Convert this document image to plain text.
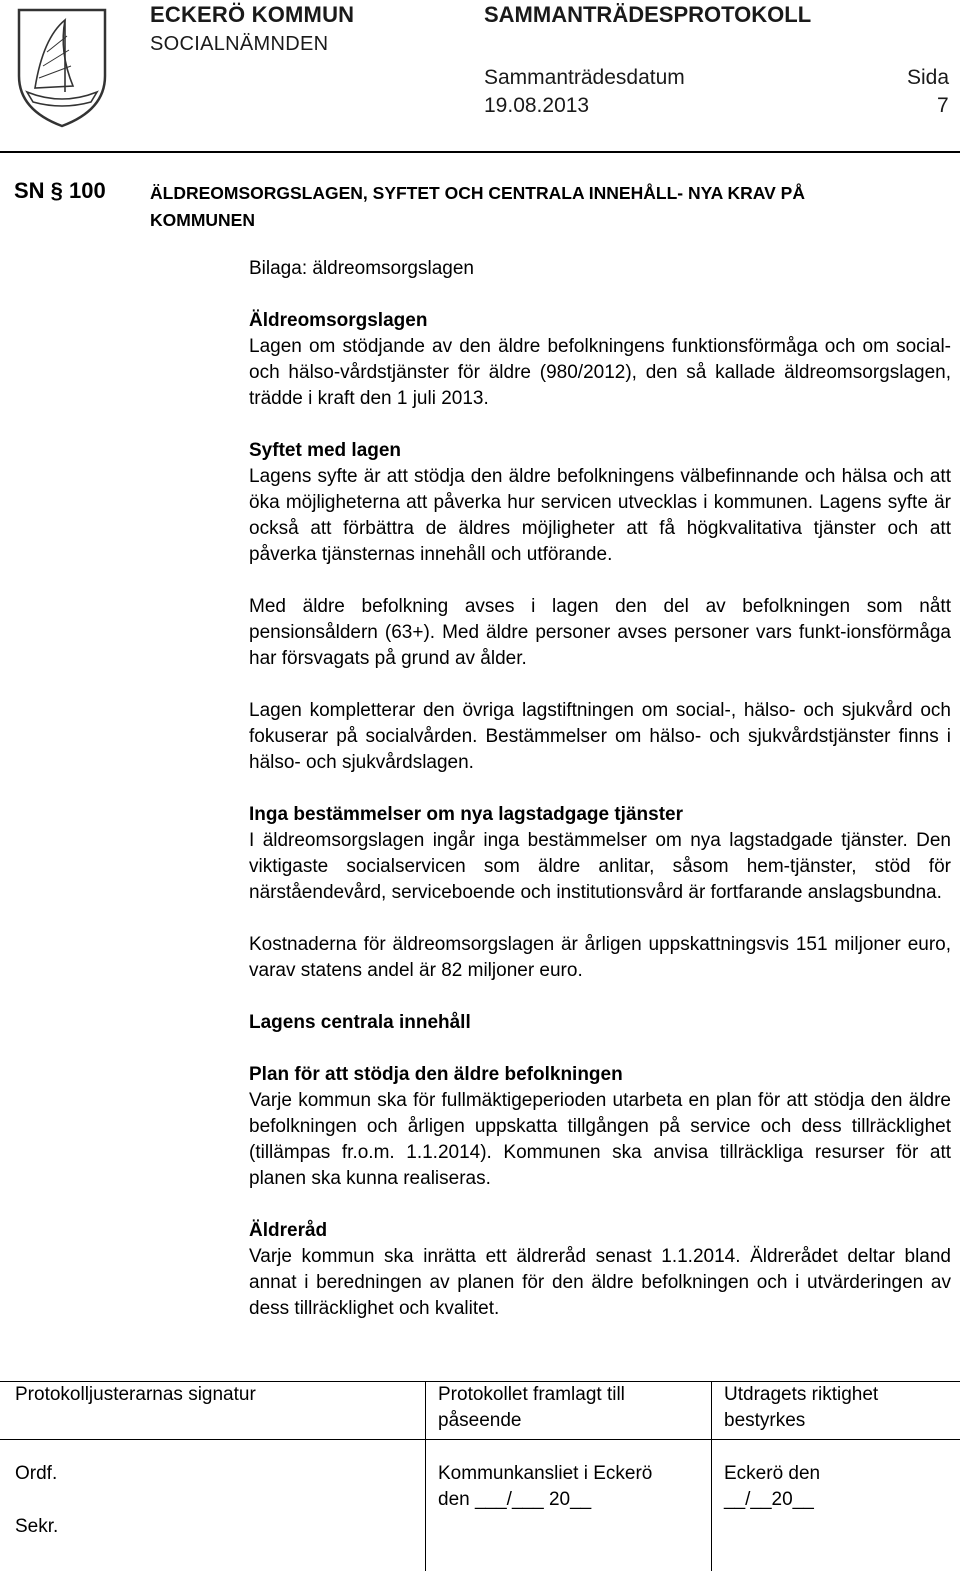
ECKERÖ KOMMUN
SOCIALNÄMNDEN
SAMMANTRÄDESPROTOKOLL
Sammanträdesdatum
19.08.2013
Sida
7
SN § 100	ÄLDREOMSORGSLAGEN, SYFTET OCH CENTRALA INNEHÅLL- NYA KRAV PÅ KOMMUNEN

Bilaga: äldreomsorgslagen

Äldreomsorgslagen

Lagen om stödjande av den äldre befolkningens funktionsförmåga och om social- och hälso-vårdstjänster för äldre (980/2012), den så kallade äldreomsorgslagen, trädde i kraft den 1 juli 2013.

Syftet med lagen

Lagens syfte är att stödja den äldre befolkningens välbefinnande och hälsa och att öka möjligheterna att påverka hur servicen utvecklas i kommunen. Lagens syfte är också att förbättra de äldres möjligheter att få högkvalitativa tjänster och att påverka tjänsternas innehåll och utförande.

Med äldre befolkning avses i lagen den del av befolkningen som nått pensionsåldern (63+). Med äldre personer avses personer vars funkt-ionsförmåga har försvagats på grund av ålder.

Lagen kompletterar den övriga lagstiftningen om social-, hälso- och sjukvård och fokuserar på socialvården. Bestämmelser om hälso- och sjukvårdstjänster finns i hälso- och sjukvårdslagen.

Inga bestämmelser om nya lagstadgage tjänster

I äldreomsorgslagen ingår inga bestämmelser om nya lagstadgade tjänster. Den viktigaste socialservicen som äldre anlitar, såsom hem-tjänster, stöd för närståendevård, serviceboende och institutionsvård är fortfarande anslagsbundna.

Kostnaderna för äldreomsorgslagen är årligen uppskattningsvis 151 miljoner euro, varav statens andel är 82 miljoner euro.

Lagens centrala innehåll

Plan för att stödja den äldre befolkningen

Varje kommun ska för fullmäktigeperioden utarbeta en plan för att stödja den äldre befolkningen och årligen uppskatta tillgången på service och dess tillräcklighet (tillämpas fr.o.m. 1.1.2014). Kommunen ska anvisa tillräckliga resurser för att planen ska kunna realiseras.

Äldreråd

Varje kommun ska inrätta ett äldreråd senast 1.1.2014. Äldrerådet deltar bland annat i beredningen av planen för den äldre befolkningen och i utvärderingen av dess tillräcklighet och kvalitet.

Protokolljusterarnas signatur	Protokollet framlagt till
påseende
Utdragets riktighet
bestyrkes
Ordf.
Sekr.
Kommunkansliet i Eckerö
den ___/___ 20__
Eckerö den
__/__20__
